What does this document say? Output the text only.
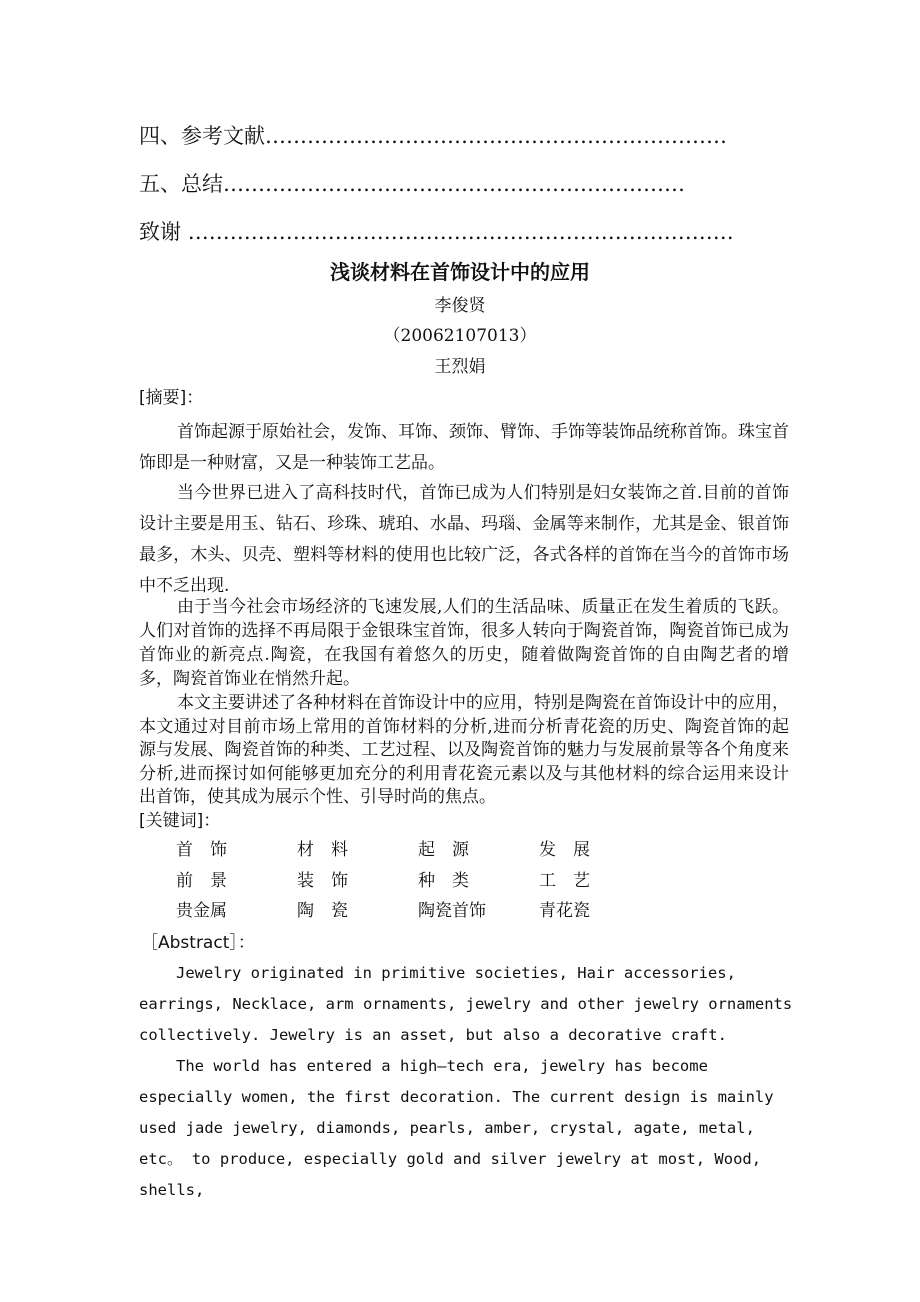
四、参考文献…………………………………………………………
五、总结…………………………………………………………
致谢 ……………………………………………………………………
浅谈材料在首饰设计中的应用
李俊贤
（20062107013）
王烈娟
[摘要]：

首饰起源于原始社会，发饰、耳饰、颈饰、臂饰、手饰等装饰品统称首饰。珠宝首饰即是一种财富，又是一种装饰工艺品。

当今世界已进入了高科技时代，首饰已成为人们特别是妇女装饰之首.目前的首饰设计主要是用玉、钻石、珍珠、琥珀、水晶、玛瑙、金属等来制作，尤其是金、银首饰最多，木头、贝壳、塑料等材料的使用也比较广泛，各式各样的首饰在当今的首饰市场中不乏出现.

由于当今社会市场经济的飞速发展,人们的生活品味、质量正在发生着质的飞跃。人们对首饰的选择不再局限于金银珠宝首饰，很多人转向于陶瓷首饰，陶瓷首饰已成为首饰业的新亮点.陶瓷，在我国有着悠久的历史，随着做陶瓷首饰的自由陶艺者的增多，陶瓷首饰业在悄然升起。

本文主要讲述了各种材料在首饰设计中的应用，特别是陶瓷在首饰设计中的应用，本文通过对目前市场上常用的首饰材料的分析,进而分析青花瓷的历史、陶瓷首饰的起源与发展、陶瓷首饰的种类、工艺过程、以及陶瓷首饰的魅力与发展前景等各个角度来分析,进而探讨如何能够更加充分的利用青花瓷元素以及与其他材料的综合运用来设计出首饰，使其成为展示个性、引导时尚的焦点。

[关键词]：
首　饰	材　料	起　源	发　展
前　景	装　饰	种　类	工　艺
贵金属	陶　瓷	陶瓷首饰	青花瓷
［Abstract］：

Jewelry originated in primitive societies, Hair accessories, earrings, Necklace, arm ornaments, jewelry and other jewelry ornaments collectively. Jewelry is an asset, but also a decorative craft.

The world has entered a high—tech era, jewelry has become especially women, the first decoration. The current design is mainly used jade jewelry, diamonds, pearls, amber, crystal, agate, metal, etc。 to produce, especially gold and silver jewelry at most, Wood, shells,
